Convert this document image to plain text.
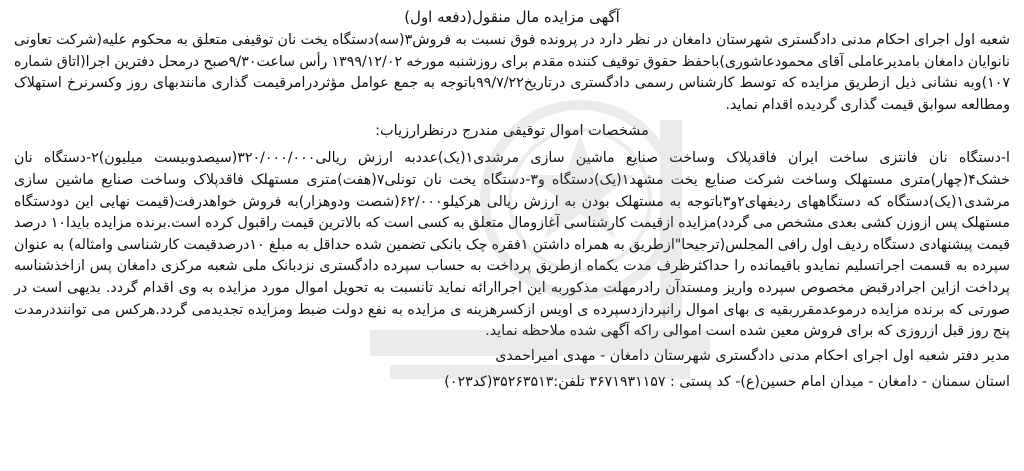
آگهی مزایده مال منقول(دفعه اول)

شعبه اول اجرای احکام مدنی دادگستری شهرستان دامغان در نظر دارد در پرونده فوق نسبت به فروش۳(سه)دستگاه یخت نان توقیفی متعلق به محکوم علیه(شرکت تعاونی نانوایان دامغان بامدیرعاملی آقای محمودعاشوری)باحفظ حقوق توقیف کننده مقدم برای روزشنبه مورخه ۱۳۹۹/۱۲/۰۲ رأس ساعت۹/۳۰صبح درمحل دفترین اجرا(اتاق شماره ۱۰۷)وبه نشانی ذیل ازطریق مزایده که توسط کارشناس رسمی دادگستری درتاریخ۹۹/۷/۲۲باتوجه به جمع عوامل مؤثردرامرقیمت گذاری مانندبهای روز وکسرنرخ استهلاک ومطالعه سوابق قیمت گذاری گردیده اقدام نماید.

مشخصات اموال توقیفی مندرج درنظرارزیاب:

ا-دستگاه نان فانتزی ساخت ایران فاقدپلاک وساخت صنایع ماشین سازی مرشدی۱(یک)عددبه ارزش ریالی۳۲۰/۰۰۰/۰۰۰(سیصدوبیست میلیون)۲-دستگاه نان خشک۴(چهار)متری مستهلک وساخت شرکت صنایع یخت مشهد۱(یک)دستگاه و۳-دستگاه یخت نان تونلی۷(هفت)متری مستهلک فاقدپلاک وساخت صنایع ماشین سازی مرشدی۱(یک)دستگاه که دستگاههای ردیفهای۲و۳باتوجه به مستهلک بودن به ارزش ریالی هرکیلو۶۲/۰۰۰(شصت ودوهزار)به فروش خواهدرفت(قیمت نهایی این دودستگاه مستهلک پس ازوزن کشی بعدی مشخص می گردد)مزایده ازقیمت کارشناسی آغازومال متعلق به کسی است که بالاترین قیمت راقبول کرده است.برنده مزایده بایدا۱۰ درصد قیمت پیشنهادی دستگاه ردیف اول رافی المجلس(ترجیحا"ازطریق به همراه داشتن ۱فقره چک بانکی تضمین شده حداقل به مبلغ ۱۰درصدقیمت کارشناسی وامثاله) به عنوان سپرده به قسمت اجراتسلیم نمایدو باقیمانده را حداکثرظرف مدت یکماه ازطریق پرداخت به حساب سپرده دادگستری نزدبانک ملی شعبه مرکزی دامغان پس ازاخذشناسه پرداخت ازاین اجرادرقبض مخصوص سپرده واریز ومستدآن رادرمهلت مذکوربه این اجراارائه نماید تانسبت به تحویل اموال مورد مزایده به وی اقدام گردد. بدیهی است در صورتی که برنده مزایده درموعدمقرربقیه ی بهای اموال رانپردازدسپرده ی اویس ازکسرهزینه ی مزایده به نفع دولت ضبط ومزایده تجدیدمی گردد.هرکس می تواننددرمدت پنج روز قبل ازروزی که برای فروش معین شده است اموالی راکه آگهی شده ملاحظه نماید.

مدیر دفتر شعبه اول اجرای احکام مدنی دادگستری شهرستان دامغان - مهدی امیراحمدی
استان سمنان - دامغان - میدان امام حسین(ع)- کد پستی : ۳۶۷۱۹۳۱۱۵۷ تلفن:۳۵۲۶۳۵۱۳(کد۰۲۳)
